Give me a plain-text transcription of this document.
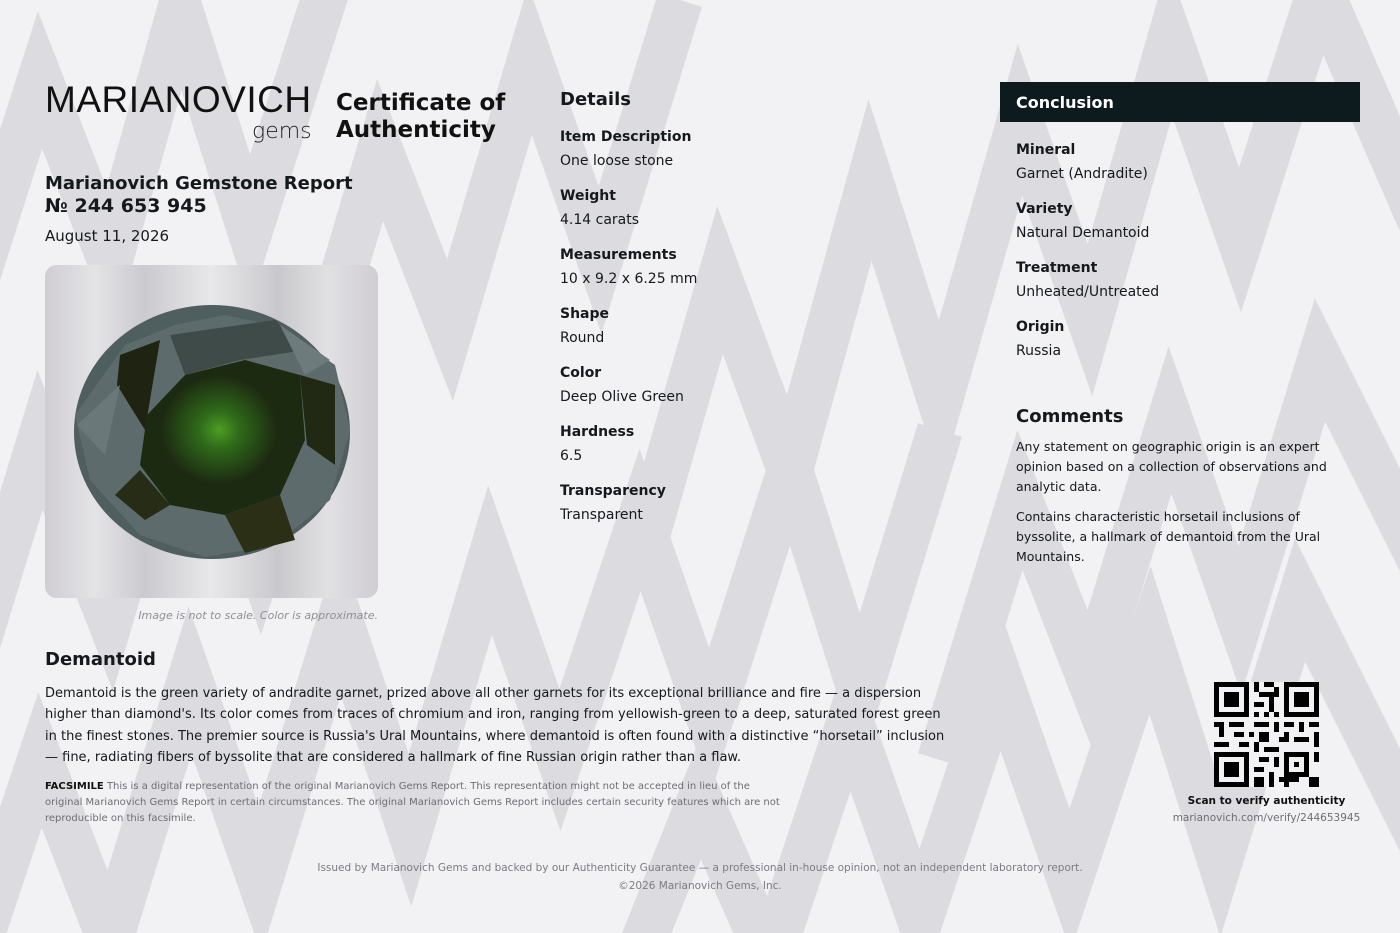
MARIANOVICH
gems
Certificate of
Authenticity
Marianovich Gemstone Report
№ 244 653 945
August 11, 2026
Image is not to scale. Color is approximate.
Details
Item Description
One loose stone
Weight
4.14 carats
Measurements
10 x 9.2 x 6.25 mm
Shape
Round
Color
Deep Olive Green
Hardness
6.5
Transparency
Transparent
Conclusion
Mineral
Garnet (Andradite)
Variety
Natural Demantoid
Treatment
Unheated/Untreated
Origin
Russia
Comments

Any statement on geographic origin is an expert opinion based on a collection of observations and analytic data.

Contains characteristic horsetail inclusions of byssolite, a hallmark of demantoid from the Ural Mountains.

Demantoid
Demantoid is the green variety of andradite garnet, prized above all other garnets for its exceptional brilliance and fire — a dispersion higher than diamond's. Its color comes from traces of chromium and iron, ranging from yellowish-green to a deep, saturated forest green in the finest stones. The premier source is Russia's Ural Mountains, where demantoid is often found with a distinctive “horsetail” inclusion — fine, radiating fibers of byssolite that are considered a hallmark of fine Russian origin rather than a flaw.
FACSIMILE This is a digital representation of the original Marianovich Gems Report. This representation might not be accepted in lieu of the original Marianovich Gems Report in certain circumstances. The original Marianovich Gems Report includes certain security features which are not reproducible on this facsimile.
Scan to verify authenticity
marianovich.com/verify/244653945
Issued by Marianovich Gems and backed by our Authenticity Guarantee — a professional in-house opinion, not an independent laboratory report.
©2026 Marianovich Gems, Inc.
